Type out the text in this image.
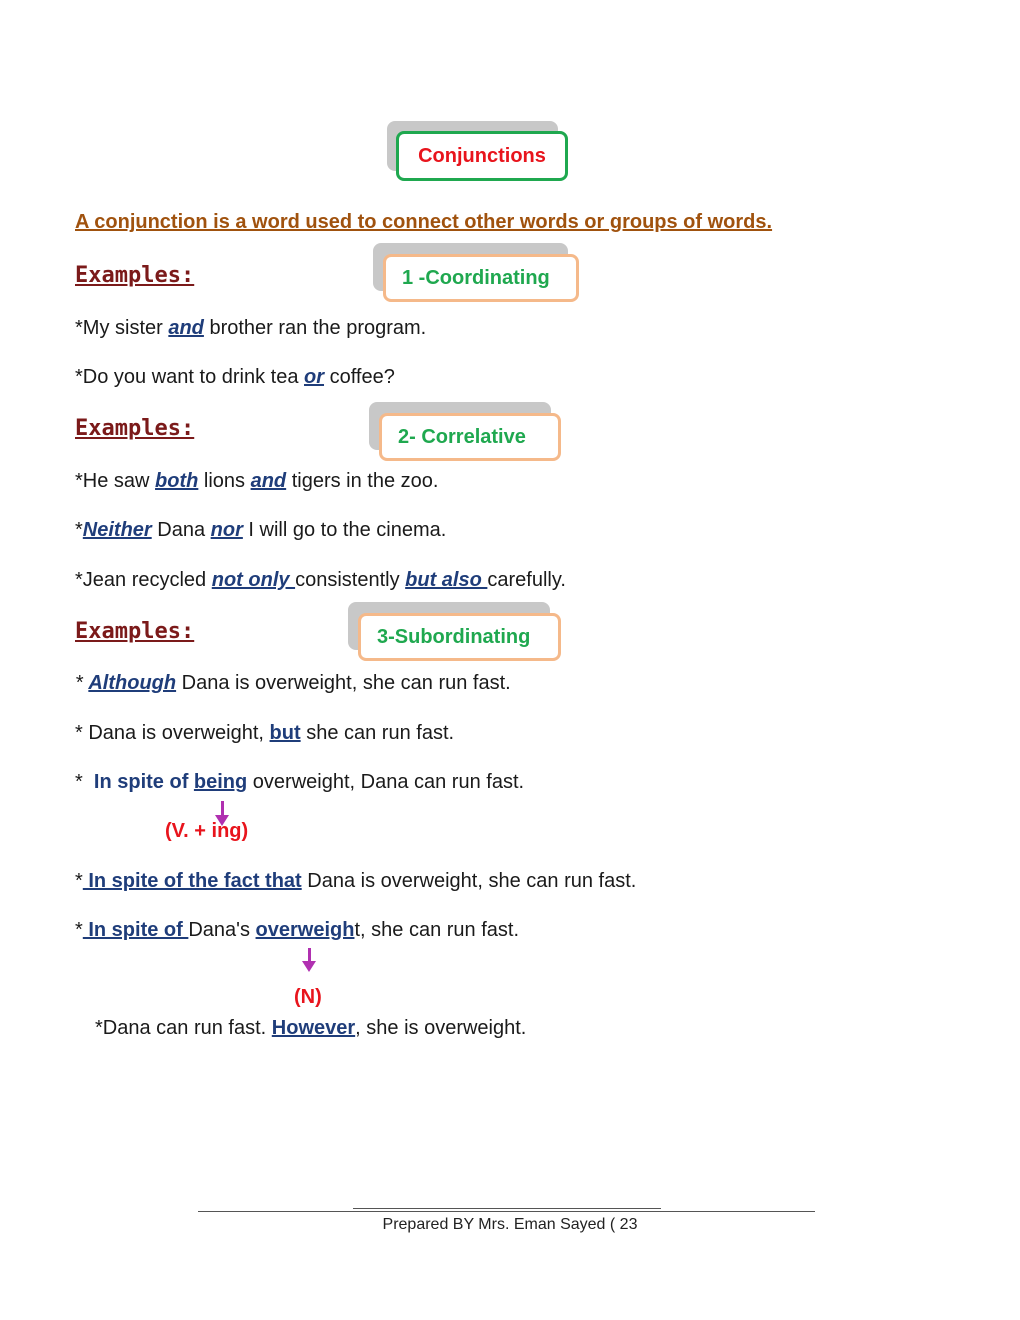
Conjunctions
A conjunction is a word used to connect other words or groups of words.
Examples:	1 -Coordinating
*My sister and brother ran the program.
*Do you want to drink tea or coffee?
Examples:	2- Correlative
*He saw both lions and tigers in the zoo.
*Neither Dana nor I will go to the cinema.
*Jean recycled not only consistently but also carefully.
Examples:	3-Subordinating
* Although Dana is overweight, she can run fast.
* Dana is overweight, but she can run fast.
*  In spite of being overweight, Dana can run fast.
(V. + ing)
* In spite of the fact that Dana is overweight, she can run fast.
* In spite of Dana's overweight, she can run fast.
(N)
*Dana can run fast. However, she is overweight.
Prepared BY Mrs. Eman Sayed ( 23
